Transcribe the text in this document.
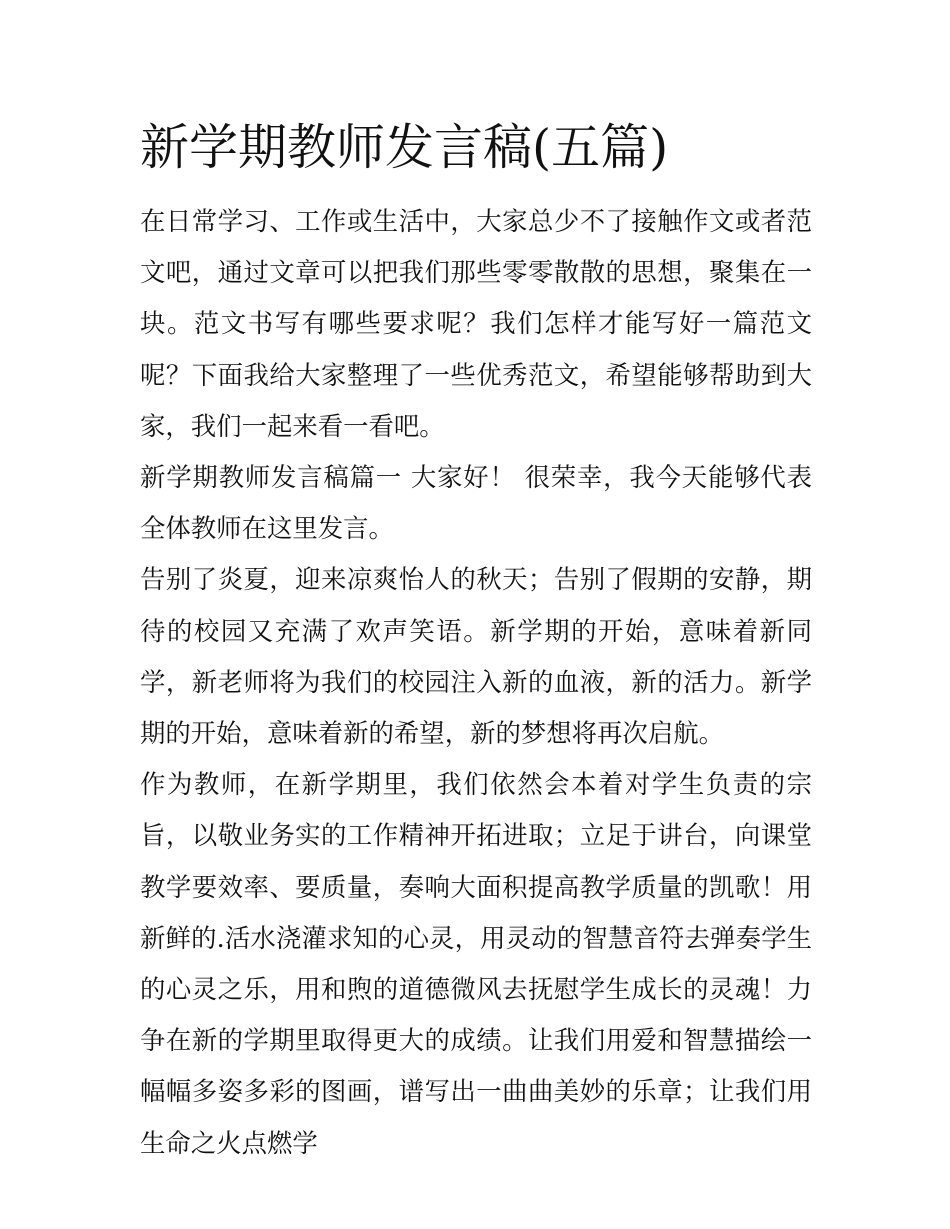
新学期教师发言稿(五篇)

在日常学习、工作或生活中，大家总少不了接触作文或者范文吧，通过文章可以把我们那些零零散散的思想，聚集在一块。范文书写有哪些要求呢？我们怎样才能写好一篇范文呢？下面我给大家整理了一些优秀范文，希望能够帮助到大家，我们一起来看一看吧。

新学期教师发言稿篇一 大家好！ 很荣幸，我今天能够代表全体教师在这里发言。

告别了炎夏，迎来凉爽怡人的秋天；告别了假期的安静，期待的校园又充满了欢声笑语。新学期的开始，意味着新同学，新老师将为我们的校园注入新的血液，新的活力。新学期的开始，意味着新的希望，新的梦想将再次启航。

作为教师，在新学期里，我们依然会本着对学生负责的宗旨，以敬业务实的工作精神开拓进取；立足于讲台，向课堂教学要效率、要质量，奏响大面积提高教学质量的凯歌！用新鲜的.活水浇灌求知的心灵，用灵动的智慧音符去弹奏学生的心灵之乐，用和煦的道德微风去抚慰学生成长的灵魂！力争在新的学期里取得更大的成绩。让我们用爱和智慧描绘一幅幅多姿多彩的图画，谱写出一曲曲美妙的乐章；让我们用生命之火点燃学
